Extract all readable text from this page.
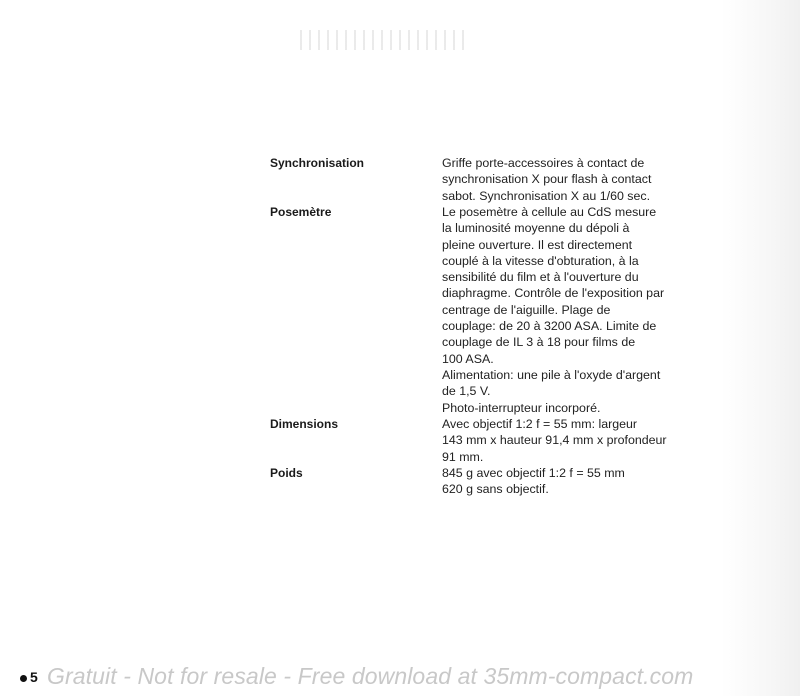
Synchronisation	Griffe porte-accessoires à contact de
synchronisation X pour flash à contact
sabot. Synchronisation X au 1/60 sec.
Posemètre	Le posemètre à cellule au CdS mesure
la luminosité moyenne du dépoli à
pleine ouverture. Il est directement
couplé à la vitesse d'obturation, à la
sensibilité du film et à l'ouverture du
diaphragme. Contrôle de l'exposition par
centrage de l'aiguille. Plage de
couplage: de 20 à 3200 ASA. Limite de
couplage de IL 3 à 18 pour films de
100 ASA.
Alimentation: une pile à l'oxyde d'argent
de 1,5 V.
Photo-interrupteur incorporé.
Dimensions	Avec objectif 1:2 f = 55 mm: largeur
143 mm x hauteur 91,4 mm x profondeur
91 mm.
Poids	845 g avec objectif 1:2 f = 55 mm
620 g sans objectif.
5 Gratuit - Not for resale - Free download at 35mm-compact.com
